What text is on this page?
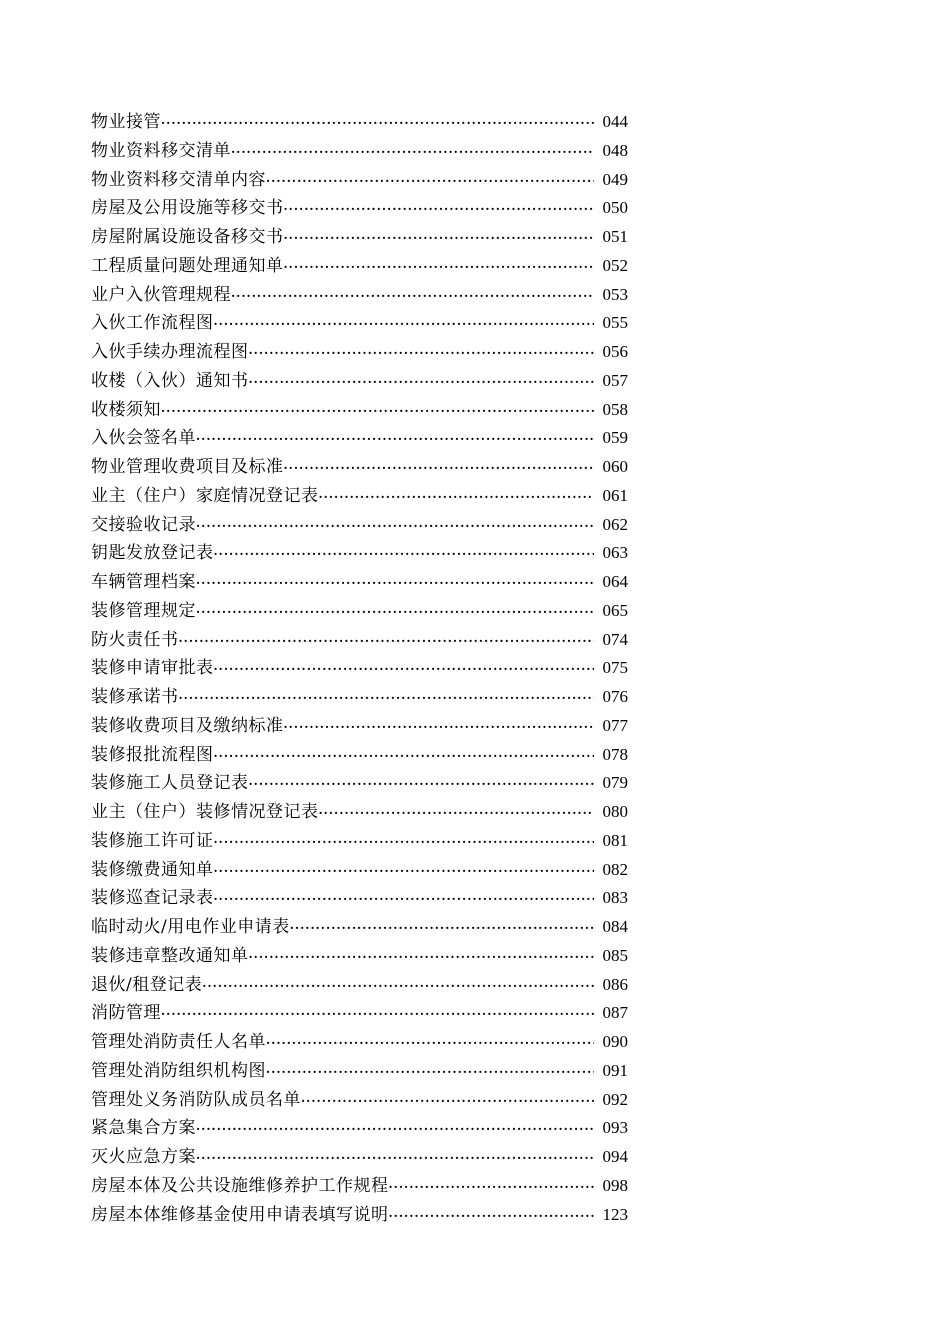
物业接管 ·····	044
物业资料移交清单 ·····	048
物业资料移交清单内容 ·····	049
房屋及公用设施等移交书 ·····	050
房屋附属设施设备移交书 ·····	051
工程质量问题处理通知单 ·····	052
业户入伙管理规程 ·····	053
入伙工作流程图 ·····	055
入伙手续办理流程图 ·····	056
收楼（入伙）通知书 ·····	057
收楼须知 ·····	058
入伙会签名单 ·····	059
物业管理收费项目及标准 ·····	060
业主（住户）家庭情况登记表 ·····	061
交接验收记录 ·····	062
钥匙发放登记表 ·····	063
车辆管理档案 ·····	064
装修管理规定 ·····	065
防火责任书 ·····	074
装修申请审批表 ·····	075
装修承诺书 ·····	076
装修收费项目及缴纳标准 ·····	077
装修报批流程图 ·····	078
装修施工人员登记表 ·····	079
业主（住户）装修情况登记表 ·····	080
装修施工许可证 ·····	081
装修缴费通知单 ·····	082
装修巡查记录表 ·····	083
临时动火/用电作业申请表 ·····	084
装修违章整改通知单 ·····	085
退伙/租登记表 ·····	086
消防管理 ·····	087
管理处消防责任人名单 ·····	090
管理处消防组织机构图 ·····	091
管理处义务消防队成员名单 ·····	092
紧急集合方案 ·····	093
灭火应急方案 ·····	094
房屋本体及公共设施维修养护工作规程 ·····	098
房屋本体维修基金使用申请表填写说明 ·····	123
